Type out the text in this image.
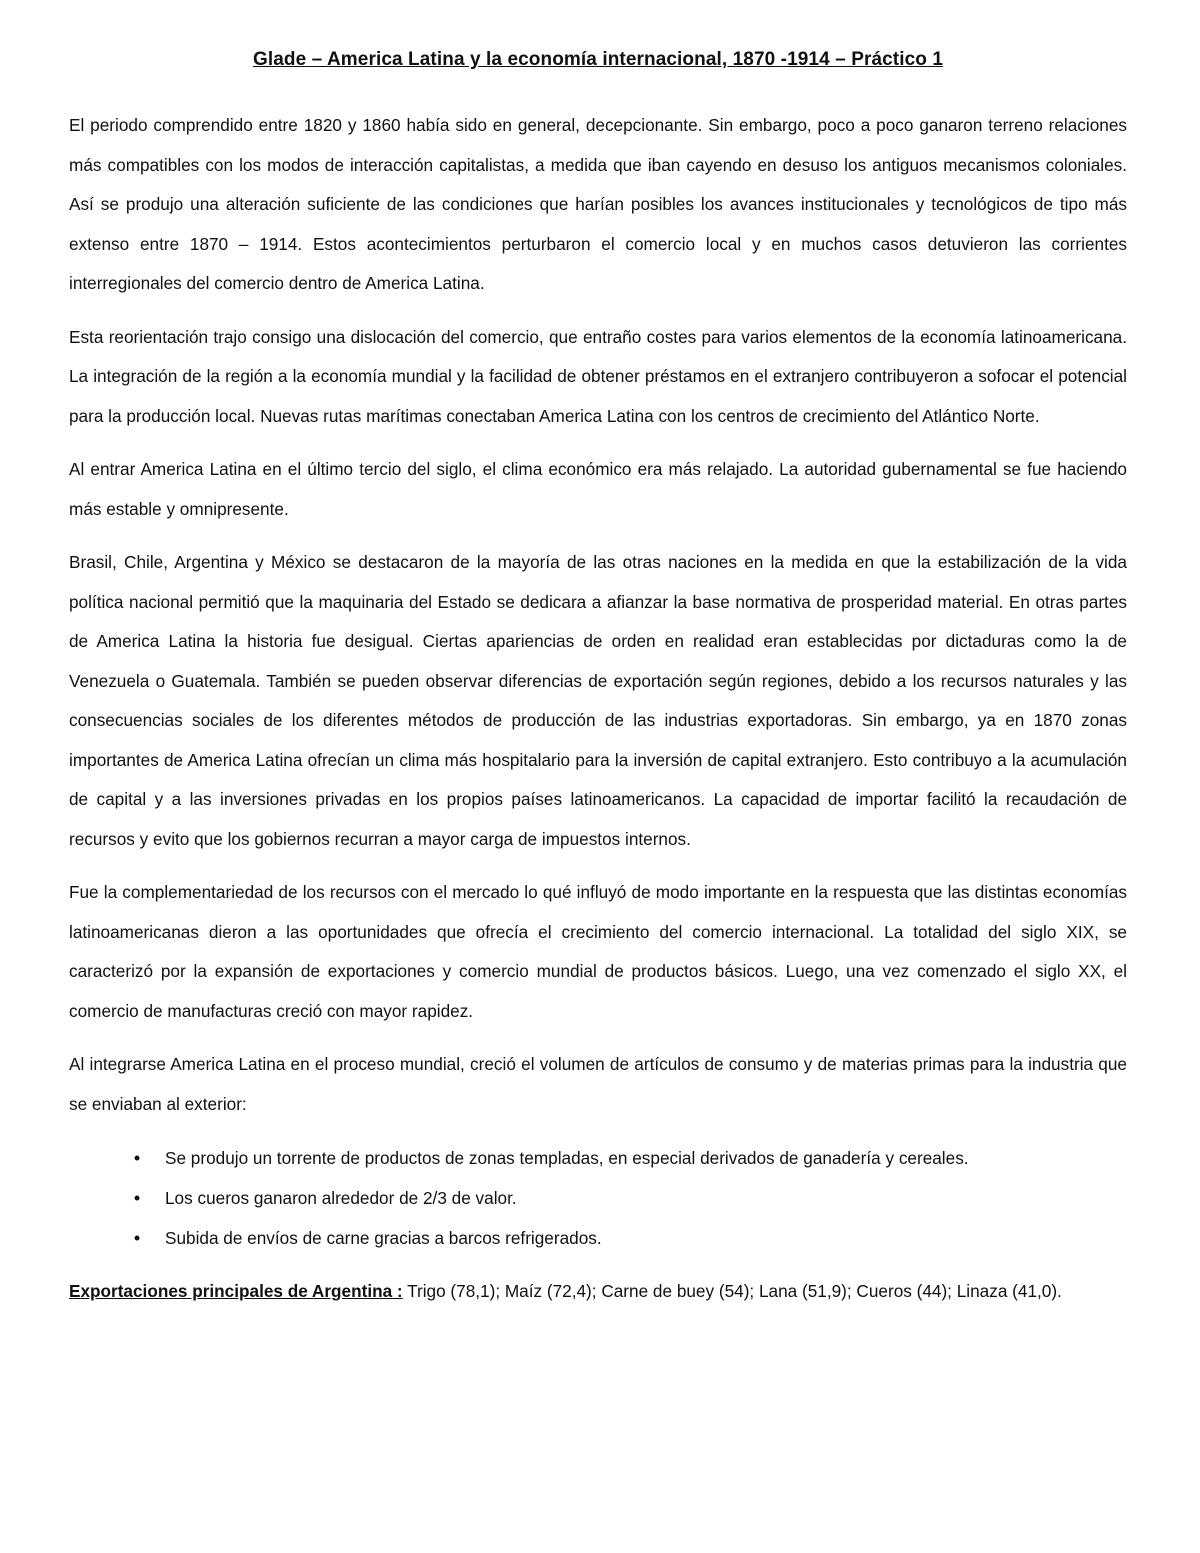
Glade – America Latina y la economía internacional, 1870 -1914 – Práctico 1

El periodo comprendido entre 1820 y 1860 había sido en general, decepcionante. Sin embargo, poco a poco ganaron terreno relaciones más compatibles con los modos de interacción capitalistas, a medida que iban cayendo en desuso los antiguos mecanismos coloniales. Así se produjo una alteración suficiente de las condiciones que harían posibles los avances institucionales y tecnológicos de tipo más extenso entre 1870 – 1914. Estos acontecimientos perturbaron el comercio local y en muchos casos detuvieron las corrientes interregionales del comercio dentro de America Latina.

Esta reorientación trajo consigo una dislocación del comercio, que entraño costes para varios elementos de la economía latinoamericana. La integración de la región a la economía mundial y la facilidad de obtener préstamos en el extranjero contribuyeron a sofocar el potencial para la producción local. Nuevas rutas marítimas conectaban America Latina con los centros de crecimiento del Atlántico Norte.

Al entrar America Latina en el último tercio del siglo, el clima económico era más relajado. La autoridad gubernamental se fue haciendo más estable y omnipresente.

Brasil, Chile, Argentina y México se destacaron de la mayoría de las otras naciones en la medida en que la estabilización de la vida política nacional permitió que la maquinaria del Estado se dedicara a afianzar la base normativa de prosperidad material. En otras partes de America Latina la historia fue desigual. Ciertas apariencias de orden en realidad eran establecidas por dictaduras como la de Venezuela o Guatemala. También se pueden observar diferencias de exportación según regiones, debido a los recursos naturales y las consecuencias sociales de los diferentes métodos de producción de las industrias exportadoras. Sin embargo, ya en 1870 zonas importantes de America Latina ofrecían un clima más hospitalario para la inversión de capital extranjero. Esto contribuyo a la acumulación de capital y a las inversiones privadas en los propios países latinoamericanos. La capacidad de importar facilitó la recaudación de recursos y evito que los gobiernos recurran a mayor carga de impuestos internos.

Fue la complementariedad de los recursos con el mercado lo qué influyó de modo importante en la respuesta que las distintas economías latinoamericanas dieron a las oportunidades que ofrecía el crecimiento del comercio internacional. La totalidad del siglo XIX, se caracterizó por la expansión de exportaciones y comercio mundial de productos básicos. Luego, una vez comenzado el siglo XX, el comercio de manufacturas creció con mayor rapidez.

Al integrarse America Latina en el proceso mundial, creció el volumen de artículos de consumo y de materias primas para la industria que se enviaban al exterior:

• Se produjo un torrente de productos de zonas templadas, en especial derivados de ganadería y cereales.
• Los cueros ganaron alrededor de 2/3 de valor.
• Subida de envíos de carne gracias a barcos refrigerados.

Exportaciones principales de Argentina : Trigo (78,1); Maíz (72,4); Carne de buey (54); Lana (51,9); Cueros (44); Linaza (41,0).
